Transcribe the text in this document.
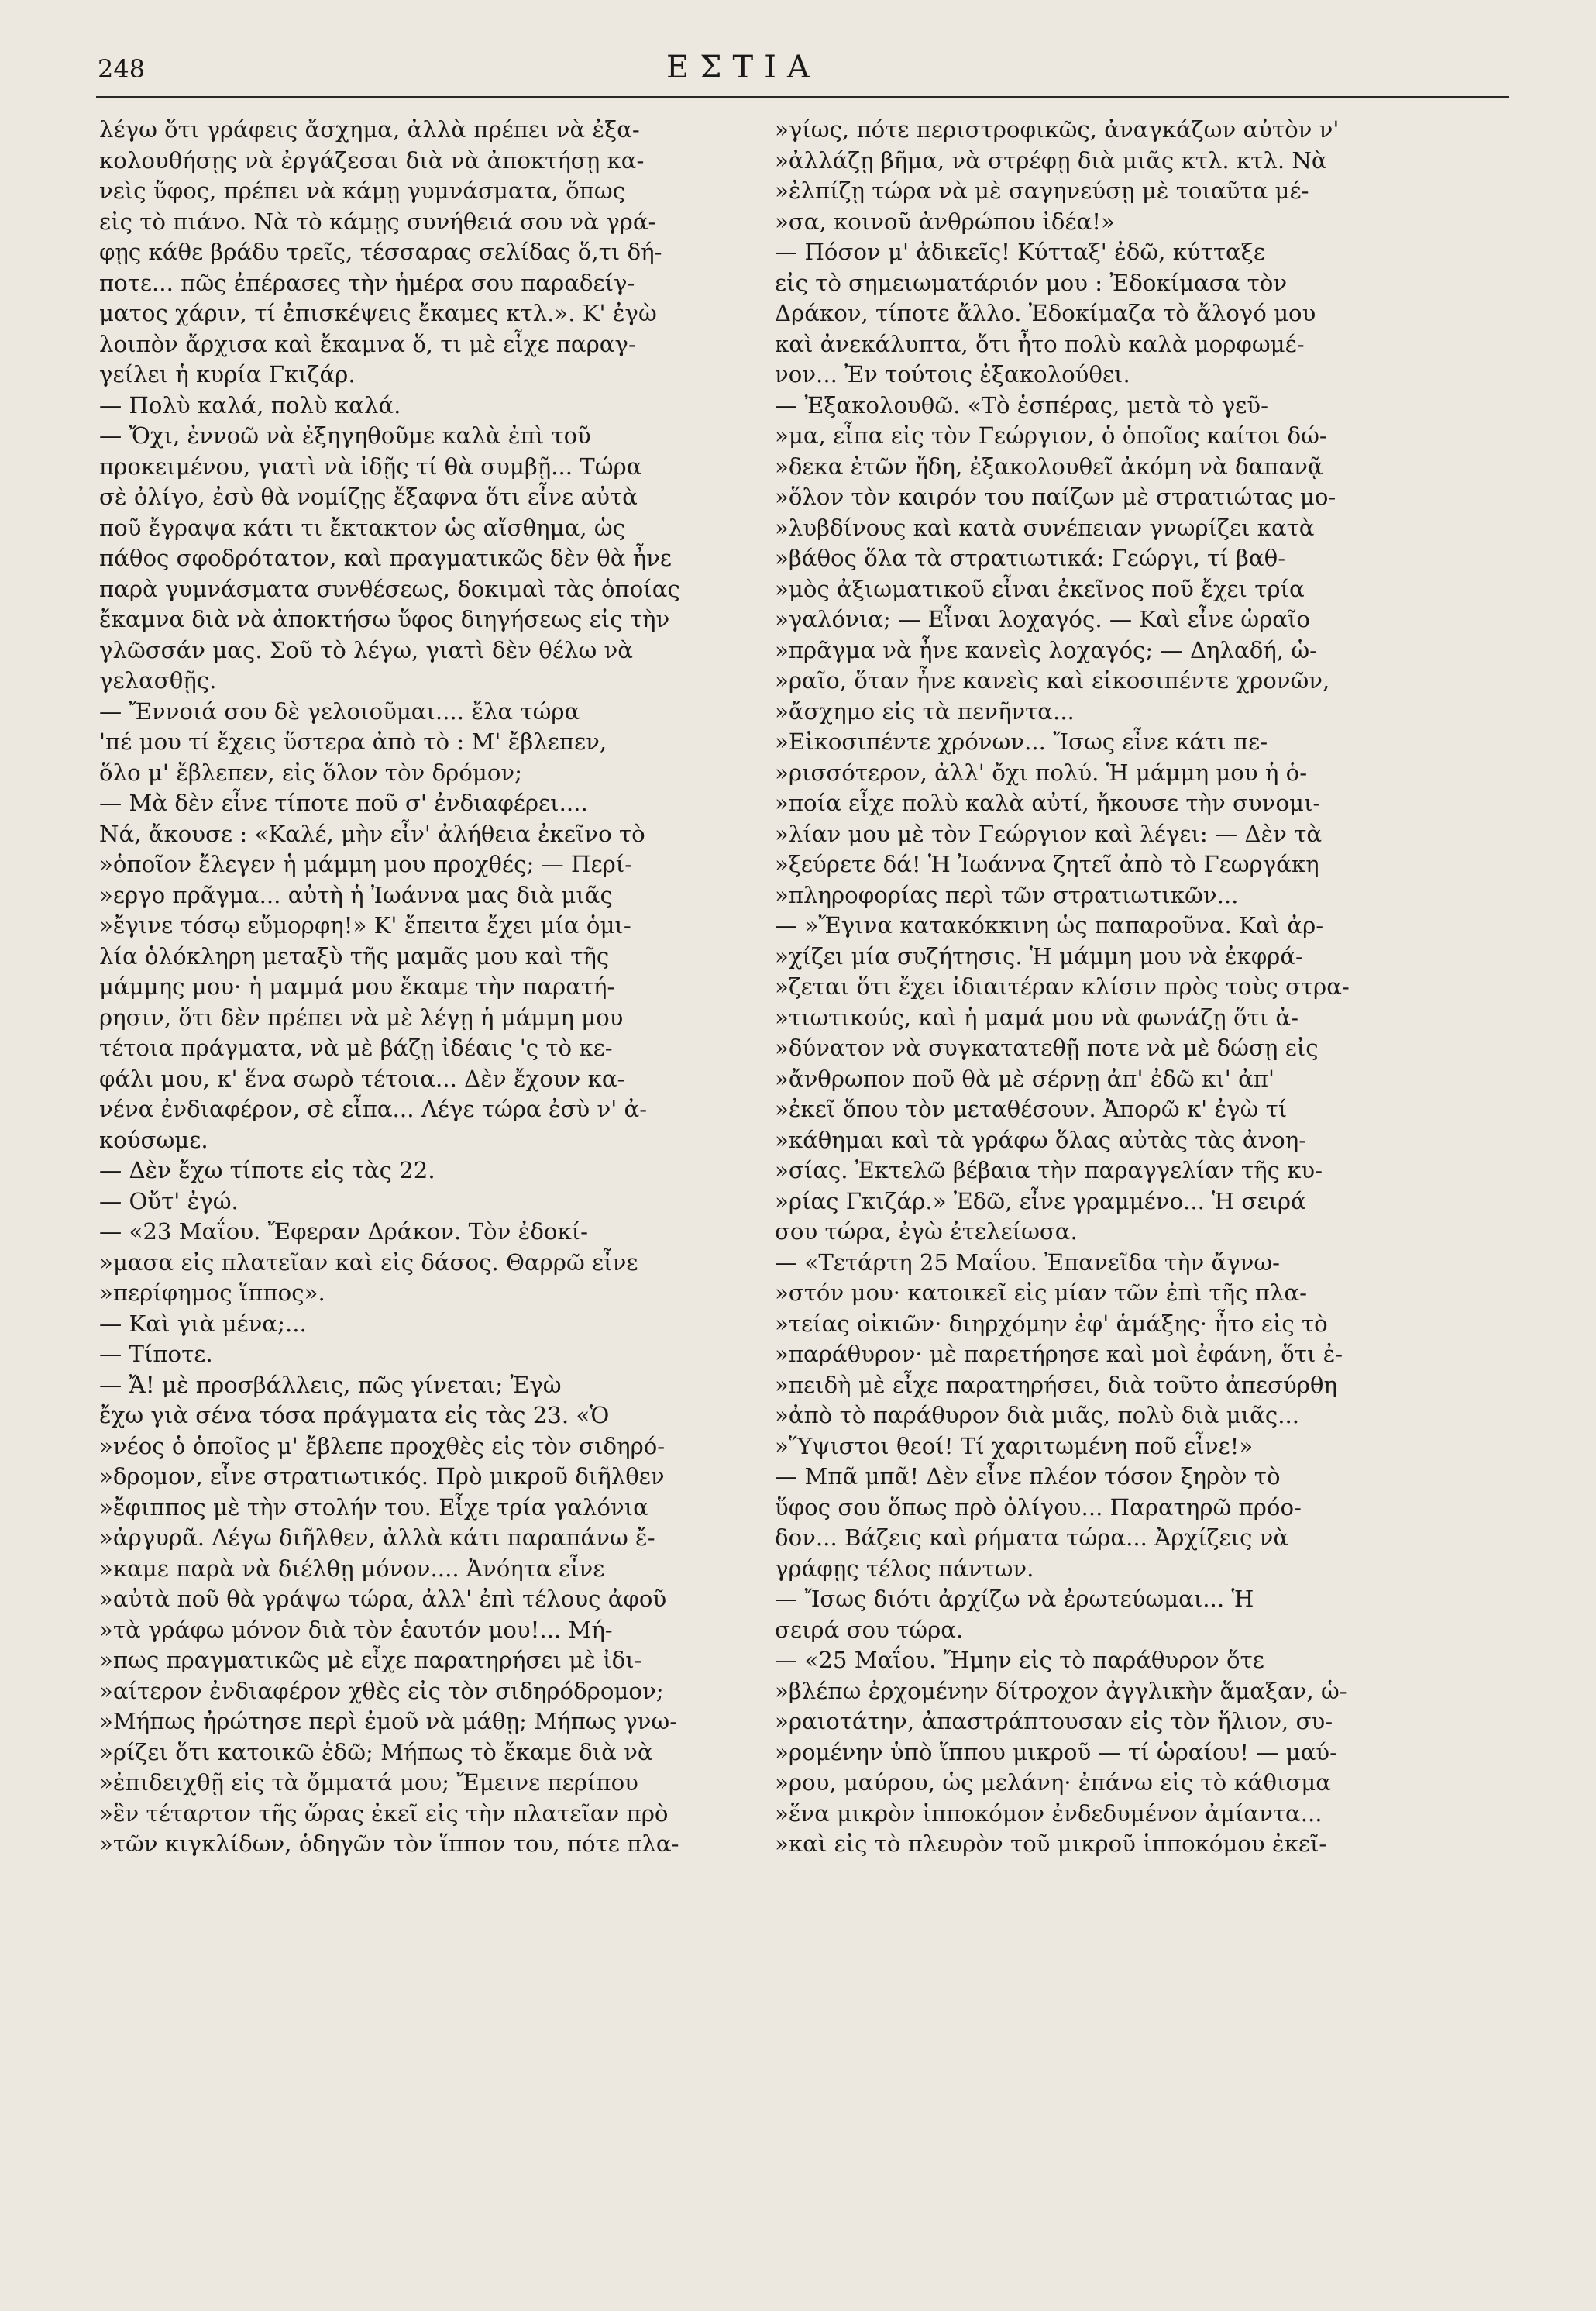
248	ΕΣΤΙΑ
λέγω ὅτι γράφεις ἄσχημα, ἀλλὰ πρέπει νὰ ἐξα-
κολουθήσῃς νὰ ἐργάζεσαι διὰ νὰ ἀποκτήσῃ κα-
νεὶς ὕφος, πρέπει νὰ κάμῃ γυμνάσματα, ὅπως
εἰς τὸ πιάνο. Νὰ τὸ κάμῃς συνήθειά σου νὰ γρά-
φῃς κάθε βράδυ τρεῖς, τέσσαρας σελίδας ὅ,τι δή-
ποτε... πῶς ἐπέρασες τὴν ἡμέρα σου παραδείγ-
ματος χάριν, τί ἐπισκέψεις ἔκαμες κτλ.». Κ' ἐγὼ
λοιπὸν ἄρχισα καὶ ἔκαμνα ὅ, τι μὲ εἶχε παραγ-
γείλει ἡ κυρία Γκιζάρ.
— Πολὺ καλά, πολὺ καλά.
— Ὄχι, ἐννοῶ νὰ ἐξηγηθοῦμε καλὰ ἐπὶ τοῦ
προκειμένου, γιατὶ νὰ ἰδῇς τί θὰ συμβῇ... Τώρα
σὲ ὀλίγο, ἐσὺ θὰ νομίζῃς ἔξαφνα ὅτι εἶνε αὐτὰ
ποῦ ἔγραψα κάτι τι ἔκτακτον ὡς αἴσθημα, ὡς
πάθος σφοδρότατον, καὶ πραγματικῶς δὲν θὰ ἦνε
παρὰ γυμνάσματα συνθέσεως, δοκιμαὶ τὰς ὁποίας
ἔκαμνα διὰ νὰ ἀποκτήσω ὕφος διηγήσεως εἰς τὴν
γλῶσσάν μας. Σοῦ τὸ λέγω, γιατὶ δὲν θέλω νὰ
γελασθῇς.
— Ἔννοιά σου δὲ γελοιοῦμαι.... ἔλα τώρα
'πέ μου τί ἔχεις ὕστερα ἀπὸ τὸ : Μ' ἔβλεπεν,
ὅλο μ' ἔβλεπεν, εἰς ὅλον τὸν δρόμον;
— Μὰ δὲν εἶνε τίποτε ποῦ σ' ἐνδιαφέρει....
Νά, ἄκουσε : «Καλέ, μὴν εἶν' ἀλήθεια ἐκεῖνο τὸ
»ὁποῖον ἔλεγεν ἡ μάμμη μου προχθές; — Περί-
»εργο πρᾶγμα... αὐτὴ ἡ Ἰωάννα μας διὰ μιᾶς
»ἔγινε τόσῳ εὔμορφη!» Κ' ἔπειτα ἔχει μία ὁμι-
λία ὁλόκληρη μεταξὺ τῆς μαμᾶς μου καὶ τῆς
μάμμης μου· ἡ μαμμά μου ἔκαμε τὴν παρατή-
ρησιν, ὅτι δὲν πρέπει νὰ μὲ λέγῃ ἡ μάμμη μου
τέτοια πράγματα, νὰ μὲ βάζῃ ἰδέαις 'ς τὸ κε-
φάλι μου, κ' ἕνα σωρὸ τέτοια... Δὲν ἔχουν κα-
νένα ἐνδιαφέρον, σὲ εἶπα... Λέγε τώρα ἐσὺ ν' ἀ-
κούσωμε.
— Δὲν ἔχω τίποτε εἰς τὰς 22.
— Οὔτ' ἐγώ.
— «23 Μαΐου. Ἔφεραν Δράκον. Τὸν ἐδοκί-
»μασα εἰς πλατεῖαν καὶ εἰς δάσος. Θαρρῶ εἶνε
»περίφημος ἵππος».
— Καὶ γιὰ μένα;...
— Τίποτε.
— Ἄ! μὲ προσβάλλεις, πῶς γίνεται; Ἐγὼ
ἔχω γιὰ σένα τόσα πράγματα εἰς τὰς 23. «Ὁ
»νέος ὁ ὁποῖος μ' ἔβλεπε προχθὲς εἰς τὸν σιδηρό-
»δρομον, εἶνε στρατιωτικός. Πρὸ μικροῦ διῆλθεν
»ἔφιππος μὲ τὴν στολήν του. Εἶχε τρία γαλόνια
»ἀργυρᾶ. Λέγω διῆλθεν, ἀλλὰ κάτι παραπάνω ἔ-
»καμε παρὰ νὰ διέλθῃ μόνον.... Ἀνόητα εἶνε
»αὐτὰ ποῦ θὰ γράψω τώρα, ἀλλ' ἐπὶ τέλους ἀφοῦ
»τὰ γράφω μόνον διὰ τὸν ἑαυτόν μου!... Μή-
»πως πραγματικῶς μὲ εἶχε παρατηρήσει μὲ ἰδι-
»αίτερον ἐνδιαφέρον χθὲς εἰς τὸν σιδηρόδρομον;
»Μήπως ἠρώτησε περὶ ἐμοῦ νὰ μάθῃ; Μήπως γνω-
»ρίζει ὅτι κατοικῶ ἐδῶ; Μήπως τὸ ἔκαμε διὰ νὰ
»ἐπιδειχθῇ εἰς τὰ ὄμματά μου; Ἔμεινε περίπου
»ἓν τέταρτον τῆς ὥρας ἐκεῖ εἰς τὴν πλατεῖαν πρὸ
»τῶν κιγκλίδων, ὁδηγῶν τὸν ἵππον του, πότε πλα-
»γίως, πότε περιστροφικῶς, ἀναγκάζων αὐτὸν ν'
»ἀλλάζῃ βῆμα, νὰ στρέφῃ διὰ μιᾶς κτλ. κτλ. Νὰ
»ἐλπίζῃ τώρα νὰ μὲ σαγηνεύσῃ μὲ τοιαῦτα μέ-
»σα, κοινοῦ ἀνθρώπου ἰδέα!»
— Πόσον μ' ἀδικεῖς! Κύτταξ' ἐδῶ, κύτταξε
εἰς τὸ σημειωματάριόν μου : Ἐδοκίμασα τὸν
Δράκον, τίποτε ἄλλο. Ἐδοκίμαζα τὸ ἄλογό μου
καὶ ἀνεκάλυπτα, ὅτι ἦτο πολὺ καλὰ μορφωμέ-
νον... Ἐν τούτοις ἐξακολούθει.
— Ἐξακολουθῶ. «Τὸ ἑσπέρας, μετὰ τὸ γεῦ-
»μα, εἶπα εἰς τὸν Γεώργιον, ὁ ὁποῖος καίτοι δώ-
»δεκα ἐτῶν ἤδη, ἐξακολουθεῖ ἀκόμη νὰ δαπανᾷ
»ὅλον τὸν καιρόν του παίζων μὲ στρατιώτας μο-
»λυβδίνους καὶ κατὰ συνέπειαν γνωρίζει κατὰ
»βάθος ὅλα τὰ στρατιωτικά: Γεώργι, τί βαθ-
»μὸς ἀξιωματικοῦ εἶναι ἐκεῖνος ποῦ ἔχει τρία
»γαλόνια; — Εἶναι λοχαγός. — Καὶ εἶνε ὡραῖο
»πρᾶγμα νὰ ἦνε κανεὶς λοχαγός; — Δηλαδή, ὡ-
»ραῖο, ὅταν ἦνε κανεὶς καὶ εἰκοσιπέντε χρονῶν,
»ἄσχημο εἰς τὰ πενῆντα...
»Εἰκοσιπέντε χρόνων... Ἴσως εἶνε κάτι πε-
»ρισσότερον, ἀλλ' ὄχι πολύ. Ἡ μάμμη μου ἡ ὁ-
»ποία εἶχε πολὺ καλὰ αὐτί, ἤκουσε τὴν συνομι-
»λίαν μου μὲ τὸν Γεώργιον καὶ λέγει: — Δὲν τὰ
»ξεύρετε δά! Ἡ Ἰωάννα ζητεῖ ἀπὸ τὸ Γεωργάκη
»πληροφορίας περὶ τῶν στρατιωτικῶν...
— »Ἔγινα κατακόκκινη ὡς παπαροῦνα. Καὶ ἀρ-
»χίζει μία συζήτησις. Ἡ μάμμη μου νὰ ἐκφρά-
»ζεται ὅτι ἔχει ἰδιαιτέραν κλίσιν πρὸς τοὺς στρα-
»τιωτικούς, καὶ ἡ μαμά μου νὰ φωνάζῃ ὅτι ἀ-
»δύνατον νὰ συγκατατεθῇ ποτε νὰ μὲ δώσῃ εἰς
»ἄνθρωπον ποῦ θὰ μὲ σέρνῃ ἀπ' ἐδῶ κι' ἀπ'
»ἐκεῖ ὅπου τὸν μεταθέσουν. Ἀπορῶ κ' ἐγὼ τί
»κάθημαι καὶ τὰ γράφω ὅλας αὐτὰς τὰς ἀνοη-
»σίας. Ἐκτελῶ βέβαια τὴν παραγγελίαν τῆς κυ-
»ρίας Γκιζάρ.» Ἐδῶ, εἶνε γραμμένο... Ἡ σειρά
σου τώρα, ἐγὼ ἐτελείωσα.
— «Τετάρτη 25 Μαΐου. Ἐπανεῖδα τὴν ἄγνω-
»στόν μου· κατοικεῖ εἰς μίαν τῶν ἐπὶ τῆς πλα-
»τείας οἰκιῶν· διηρχόμην ἐφ' ἁμάξης· ἦτο εἰς τὸ
»παράθυρον· μὲ παρετήρησε καὶ μοὶ ἐφάνη, ὅτι ἐ-
»πειδὴ μὲ εἶχε παρατηρήσει, διὰ τοῦτο ἀπεσύρθη
»ἀπὸ τὸ παράθυρον διὰ μιᾶς, πολὺ διὰ μιᾶς...
»Ὕψιστοι θεοί! Τί χαριτωμένη ποῦ εἶνε!»
— Μπᾶ μπᾶ! Δὲν εἶνε πλέον τόσον ξηρὸν τὸ
ὕφος σου ὅπως πρὸ ὀλίγου... Παρατηρῶ πρόο-
δον... Βάζεις καὶ ρήματα τώρα... Ἀρχίζεις νὰ
γράφῃς τέλος πάντων.
— Ἴσως διότι ἀρχίζω νὰ ἐρωτεύωμαι... Ἡ
σειρά σου τώρα.
— «25 Μαΐου. Ἤμην εἰς τὸ παράθυρον ὅτε
»βλέπω ἐρχομένην δίτροχον ἀγγλικὴν ἅμαξαν, ὡ-
»ραιοτάτην, ἀπαστράπτουσαν εἰς τὸν ἥλιον, συ-
»ρομένην ὑπὸ ἵππου μικροῦ — τί ὡραίου! — μαύ-
»ρου, μαύρου, ὡς μελάνη· ἐπάνω εἰς τὸ κάθισμα
»ἕνα μικρὸν ἱπποκόμον ἐνδεδυμένον ἀμίαντα...
»καὶ εἰς τὸ πλευρὸν τοῦ μικροῦ ἱπποκόμου ἐκεῖ-
